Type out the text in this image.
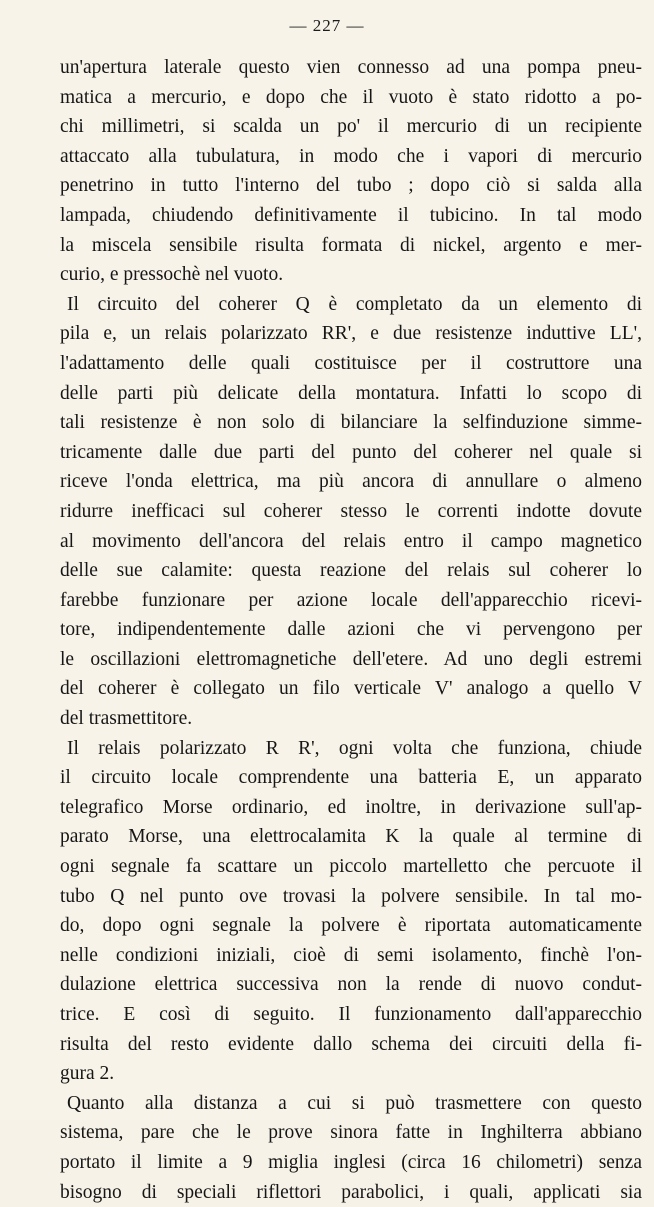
— 227 —
un'apertura laterale questo vien connesso ad una pompa pneu-
matica a mercurio, e dopo che il vuoto è stato ridotto a po-
chi millimetri, si scalda un po' il mercurio di un recipiente
attaccato alla tubulatura, in modo che i vapori di mercurio
penetrino in tutto l'interno del tubo ; dopo ciò si salda alla
lampada, chiudendo definitivamente il tubicino. In tal modo
la miscela sensibile risulta formata di nickel, argento e mer-
curio, e pressochè nel vuoto.
Il circuito del coherer Q è completato da un elemento di
pila e, un relais polarizzato RR', e due resistenze induttive LL',
l'adattamento delle quali costituisce per il costruttore una
delle parti più delicate della montatura. Infatti lo scopo di
tali resistenze è non solo di bilanciare la selfinduzione simme-
tricamente dalle due parti del punto del coherer nel quale si
riceve l'onda elettrica, ma più ancora di annullare o almeno
ridurre inefficaci sul coherer stesso le correnti indotte dovute
al movimento dell'ancora del relais entro il campo magnetico
delle sue calamite: questa reazione del relais sul coherer lo
farebbe funzionare per azione locale dell'apparecchio ricevi-
tore, indipendentemente dalle azioni che vi pervengono per
le oscillazioni elettromagnetiche dell'etere. Ad uno degli estremi
del coherer è collegato un filo verticale V' analogo a quello V
del trasmettitore.
Il relais polarizzato R R', ogni volta che funziona, chiude
il circuito locale comprendente una batteria E, un apparato
telegrafico Morse ordinario, ed inoltre, in derivazione sull'ap-
parato Morse, una elettrocalamita K la quale al termine di
ogni segnale fa scattare un piccolo martelletto che percuote il
tubo Q nel punto ove trovasi la polvere sensibile. In tal mo-
do, dopo ogni segnale la polvere è riportata automaticamente
nelle condizioni iniziali, cioè di semi isolamento, finchè l'on-
dulazione elettrica successiva non la rende di nuovo condut-
trice. E così di seguito. Il funzionamento dall'apparecchio
risulta del resto evidente dallo schema dei circuiti della fi-
gura 2.
Quanto alla distanza a cui si può trasmettere con questo
sistema, pare che le prove sinora fatte in Inghilterra abbiano
portato il limite a 9 miglia inglesi (circa 16 chilometri) senza
bisogno di speciali riflettori parabolici, i quali, applicati sia
